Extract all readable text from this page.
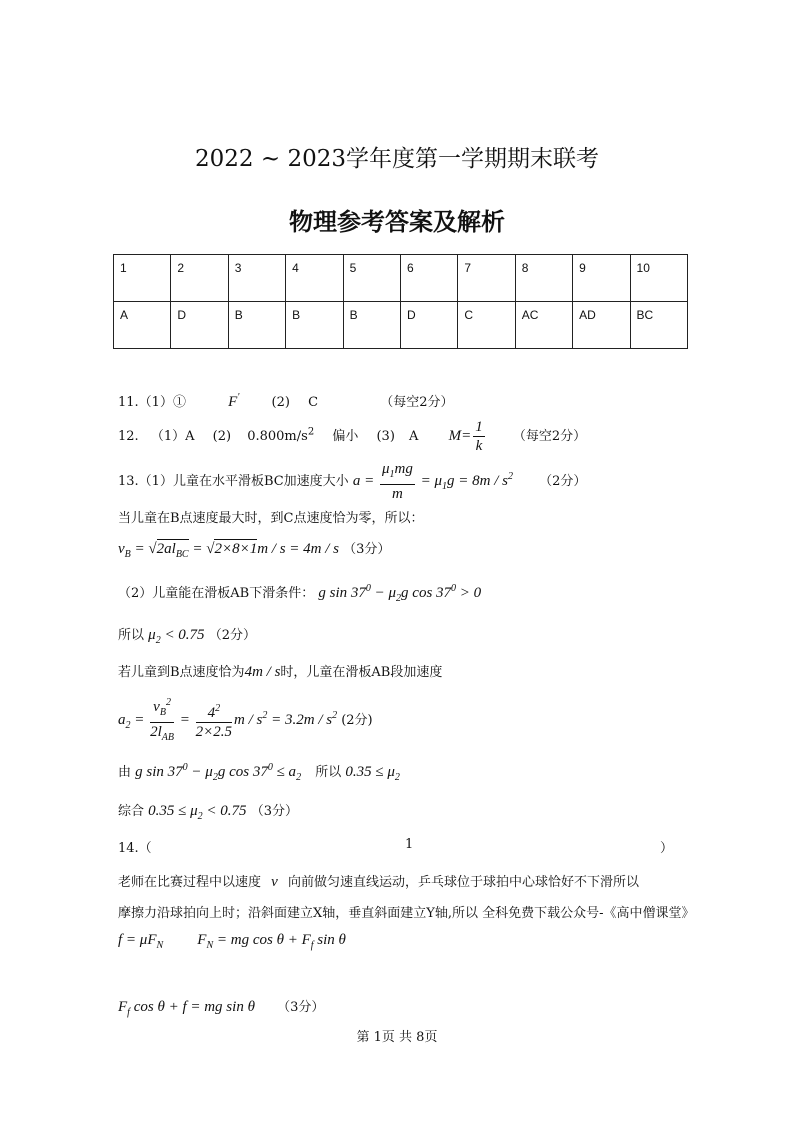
2022 ~ 2023学年度第一学期期末联考
物理参考答案及解析
1	2	3	4	5	6	7	8	9	10
A	D	B	B	B	D	C	AC	AD	BC
11.（1）①	F' (2) C	（每空2分）
12. （1）A (2) $0.800m/s^2$ 偏小 (3) A $M= \frac{1}{k}$ （每空2分）
13.（1）儿童在水平滑板BC加速度大小 $a = \frac{\mu_1mg}{m} = \mu_1g = 8m / s^2$ （2分）
当儿童在B点速度最大时，到C点速度恰为零，所以：
$v_B = √2al_{BC} = √2\times 8\times 1m / s = 4m / s$ （3分）
（2）儿童能在滑板AB下滑条件： g $\sin 37^0 - \mu_2g$ $\cos 37^0 > 0$
所以 $\mu_2 < 0.75$ （2分）
若儿童到B点速度恰为4m / s时，儿童在滑板AB段加速度
$a_2 = \frac{v_B^2}{2l_{AB}} = \frac{4^2}{2\times 2.5}$ $m / s^2 = 3.2m / s^2$ (2分)
由 g $\sin 37^0 - \mu_2g$ $\cos 37^0 \le a_2$ 所以 $0.35 \le \mu_2$
综合 $0.35 \le \mu_2 < 0.75$ （3分）
14.（	1	）
老师在比赛过程中以速度 v 向前做匀速直线运动，乒乓球位于球拍中心球恰好不下滑所以
摩擦力沿球拍向上时；沿斜面建立X轴，垂直斜面建立Y轴,所以 全科免费下载公众号-《高中僧课堂》
$f = \mu F_N$ $F_N$ = mg $\cos \theta + F_f$ sin θ
$F_f$ cos θ + f = mg sin θ （3分）
第 1页 共 8页
